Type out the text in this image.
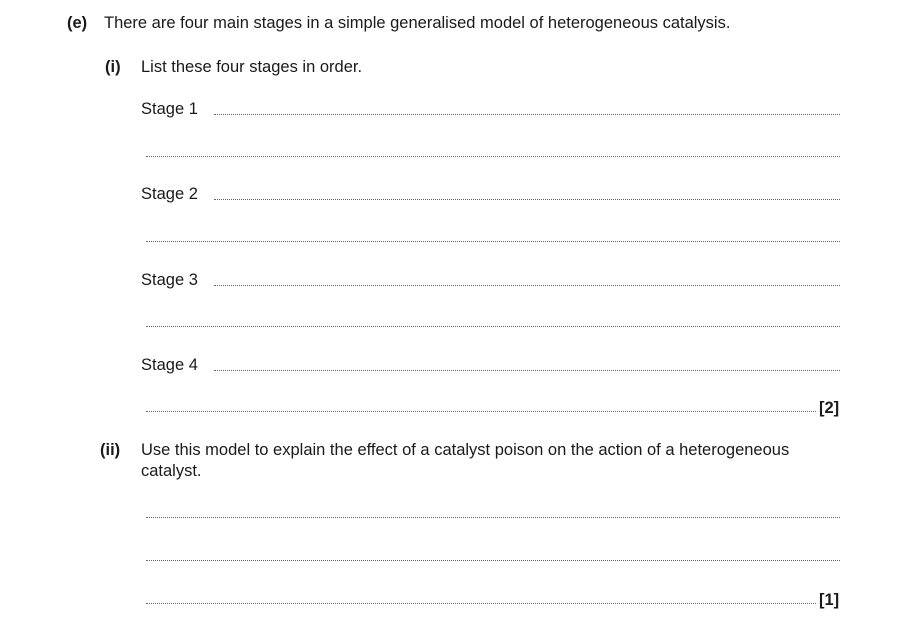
(e) There are four main stages in a simple generalised model of heterogeneous catalysis.
(i) List these four stages in order.
Stage 1
Stage 2
Stage 3
Stage 4
[2]
(ii) Use this model to explain the effect of a catalyst poison on the action of a heterogeneous
catalyst.
[1]
